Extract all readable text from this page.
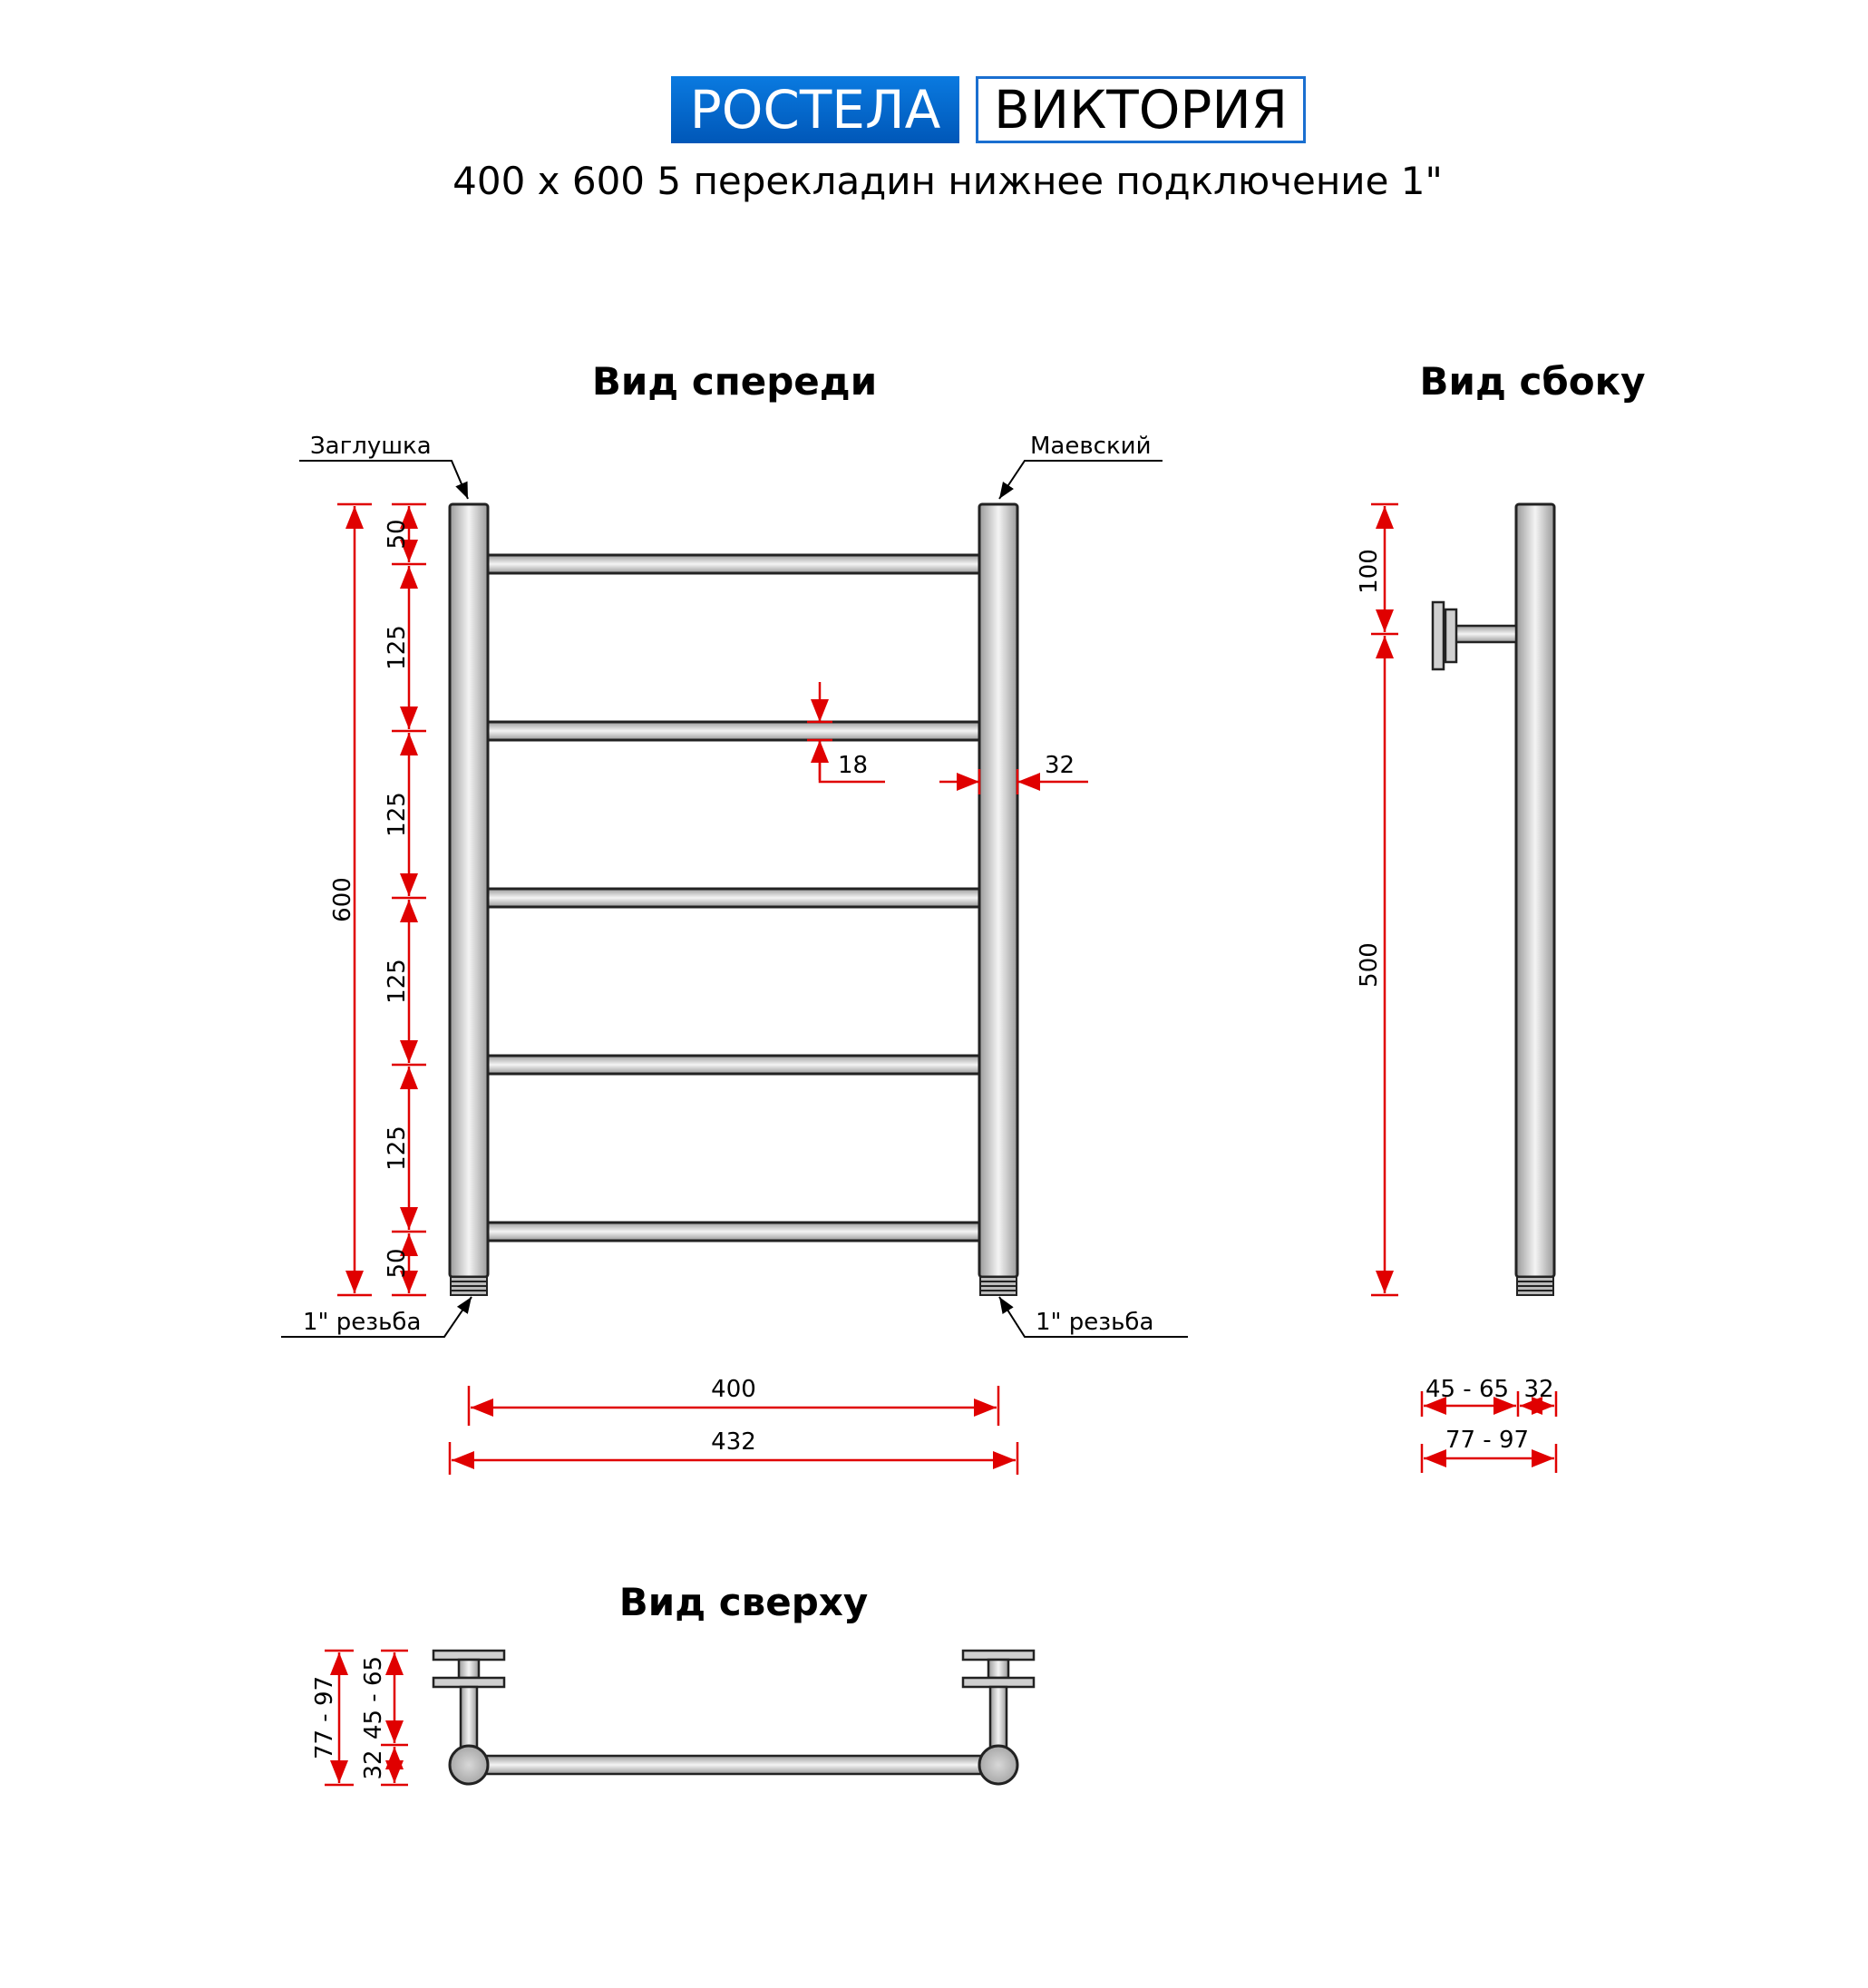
РОСТЕЛА	ВИКТОРИЯ
400 x 600 5 перекладин нижнее подключение 1"
Вид спереди	Вид сбоку
Вид сверху
Заглушка	Маевский
1" резьба	1" резьба
600
50
125
125
125
125
50
18	32
400
432
100
500
45 - 65 32
77 - 97
77 - 97 45 - 65
32
